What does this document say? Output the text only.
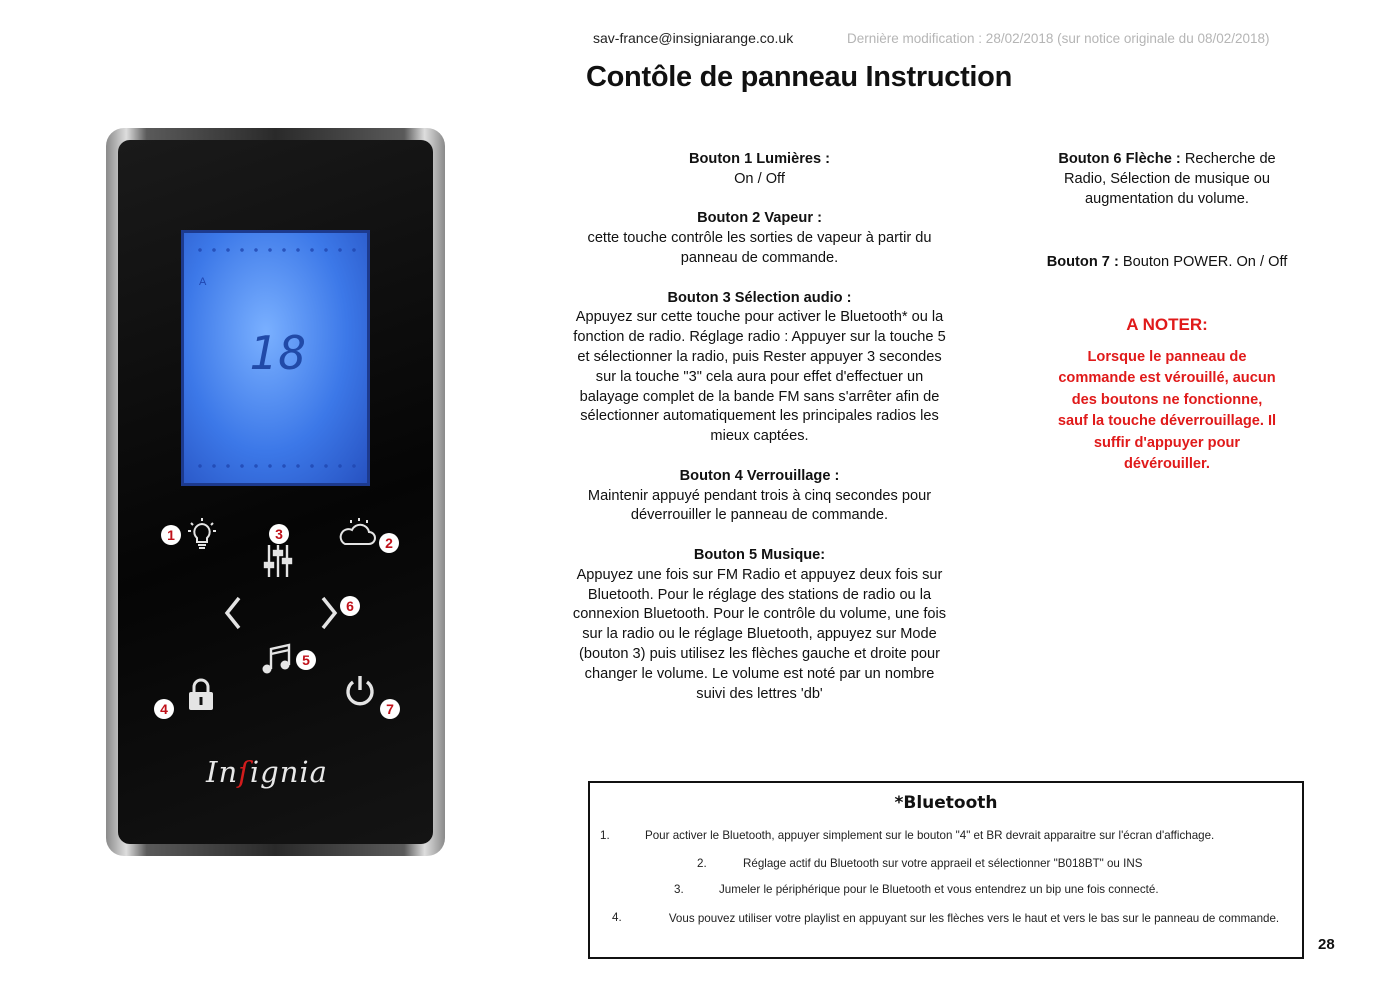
sav-france@insigniarange.co.uk	Dernière modification : 28/02/2018 (sur notice originale du 08/02/2018)
Contôle de panneau Instruction
A
18
1	2
3
4
5
6
7
Inſignia
Bouton 1 Lumières :
On / Off
Bouton 2 Vapeur :
cette touche contrôle les sorties de vapeur à partir du panneau de commande.
Bouton 3 Sélection audio :
Appuyez sur cette touche pour activer le Bluetooth* ou la fonction de radio. Réglage radio : Appuyer sur la touche 5 et sélectionner la radio, puis Rester appuyer 3 secondes sur la touche "3" cela aura pour effet d'effectuer un balayage complet de la bande FM sans s'arrêter afin de sélectionner automatiquement les principales radios les mieux captées.
Bouton 4 Verrouillage :
Maintenir appuyé pendant trois à cinq secondes pour déverrouiller le panneau de commande.
Bouton 5 Musique:
Appuyez une fois sur FM Radio et appuyez deux fois sur Bluetooth. Pour le réglage des stations de radio ou la connexion Bluetooth. Pour le contrôle du volume, une fois sur la radio ou le réglage Bluetooth, appuyez sur Mode (bouton 3) puis utilisez les flèches gauche et droite pour changer le volume. Le volume est noté par un nombre suivi des lettres 'db'
Bouton 6 Flèche : Recherche de Radio, Sélection de musique ou augmentation du volume.
Bouton 7 : Bouton POWER. On / Off
A NOTER:
Lorsque le panneau de commande est vérouillé, aucun des boutons ne fonctionne, sauf la touche déverrouillage. Il suffir d'appuyer pour dévérouiller.
*Bluetooth
1.	Pour activer le Bluetooth, appuyer simplement sur le bouton "4" et BR devrait apparaitre sur l'écran d'affichage.
2.	Réglage actif du Bluetooth sur votre appraeil et sélectionner "B018BT" ou INS
3.	Jumeler le périphérique pour le Bluetooth et vous entendrez un bip une fois connecté.
4.	Vous pouvez utiliser votre playlist en appuyant sur les flèches vers le haut et vers le bas sur le panneau de commande.
28
